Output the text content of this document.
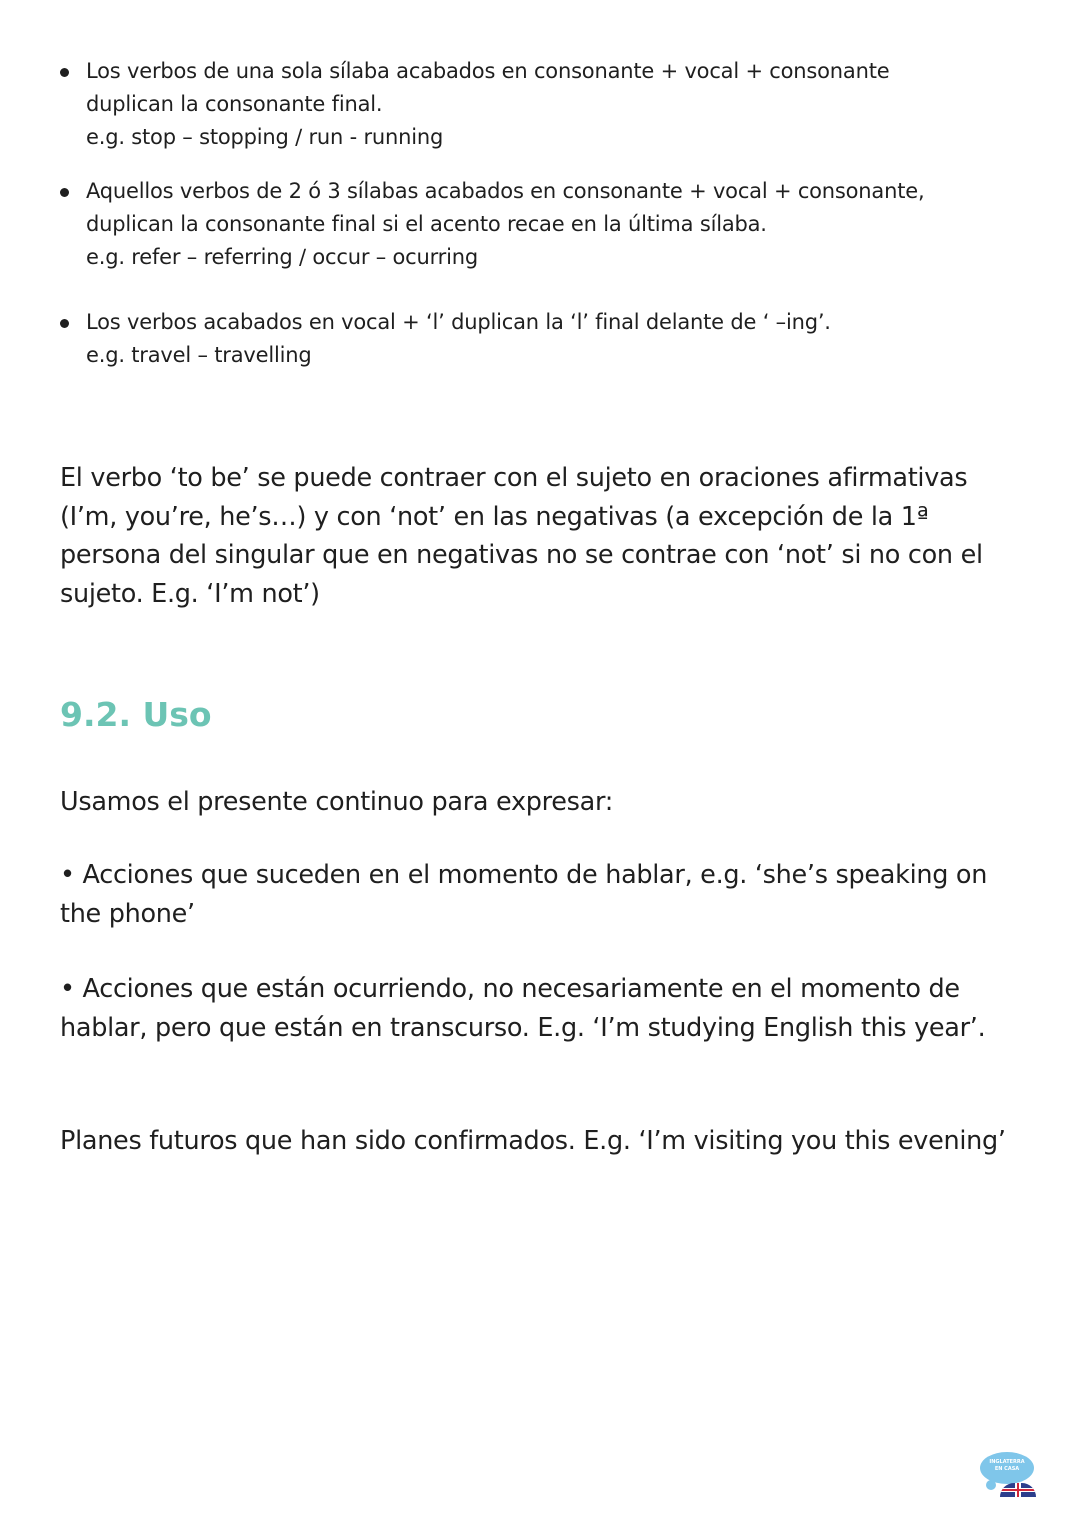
Los verbos de una sola sílaba acabados en consonante + vocal + consonante
duplican la consonante final.
e.g. stop – stopping ∕ run - running
Aquellos verbos de 2 ó 3 sílabas acabados en consonante + vocal + consonante,
duplican la consonante final si el acento recae en la última sílaba.
e.g. refer – referring ∕ occur – ocurring
Los verbos acabados en vocal + ‘l’ duplican la ‘l’ final delante de ‘ –ing’.
e.g. travel – travelling
El verbo ‘to be’ se puede contraer con el sujeto en oraciones afirmativas
(I’m, you’re, he’s…) y con ‘not’ en las negativas (a excepción de la 1ª
persona del singular que en negativas no se contrae con ‘not’ si no con el
sujeto. E.g. ‘I’m not’)
9.2. Uso
Usamos el presente continuo para expresar:
• Acciones que suceden en el momento de hablar, e.g. ‘she’s speaking on
the phone’
• Acciones que están ocurriendo, no necesariamente en el momento de
hablar, pero que están en transcurso. E.g. ‘I’m studying English this year’.
Planes futuros que han sido confirmados. E.g. ‘I’m visiting you this evening’
INGLATERRA
EN CASA
